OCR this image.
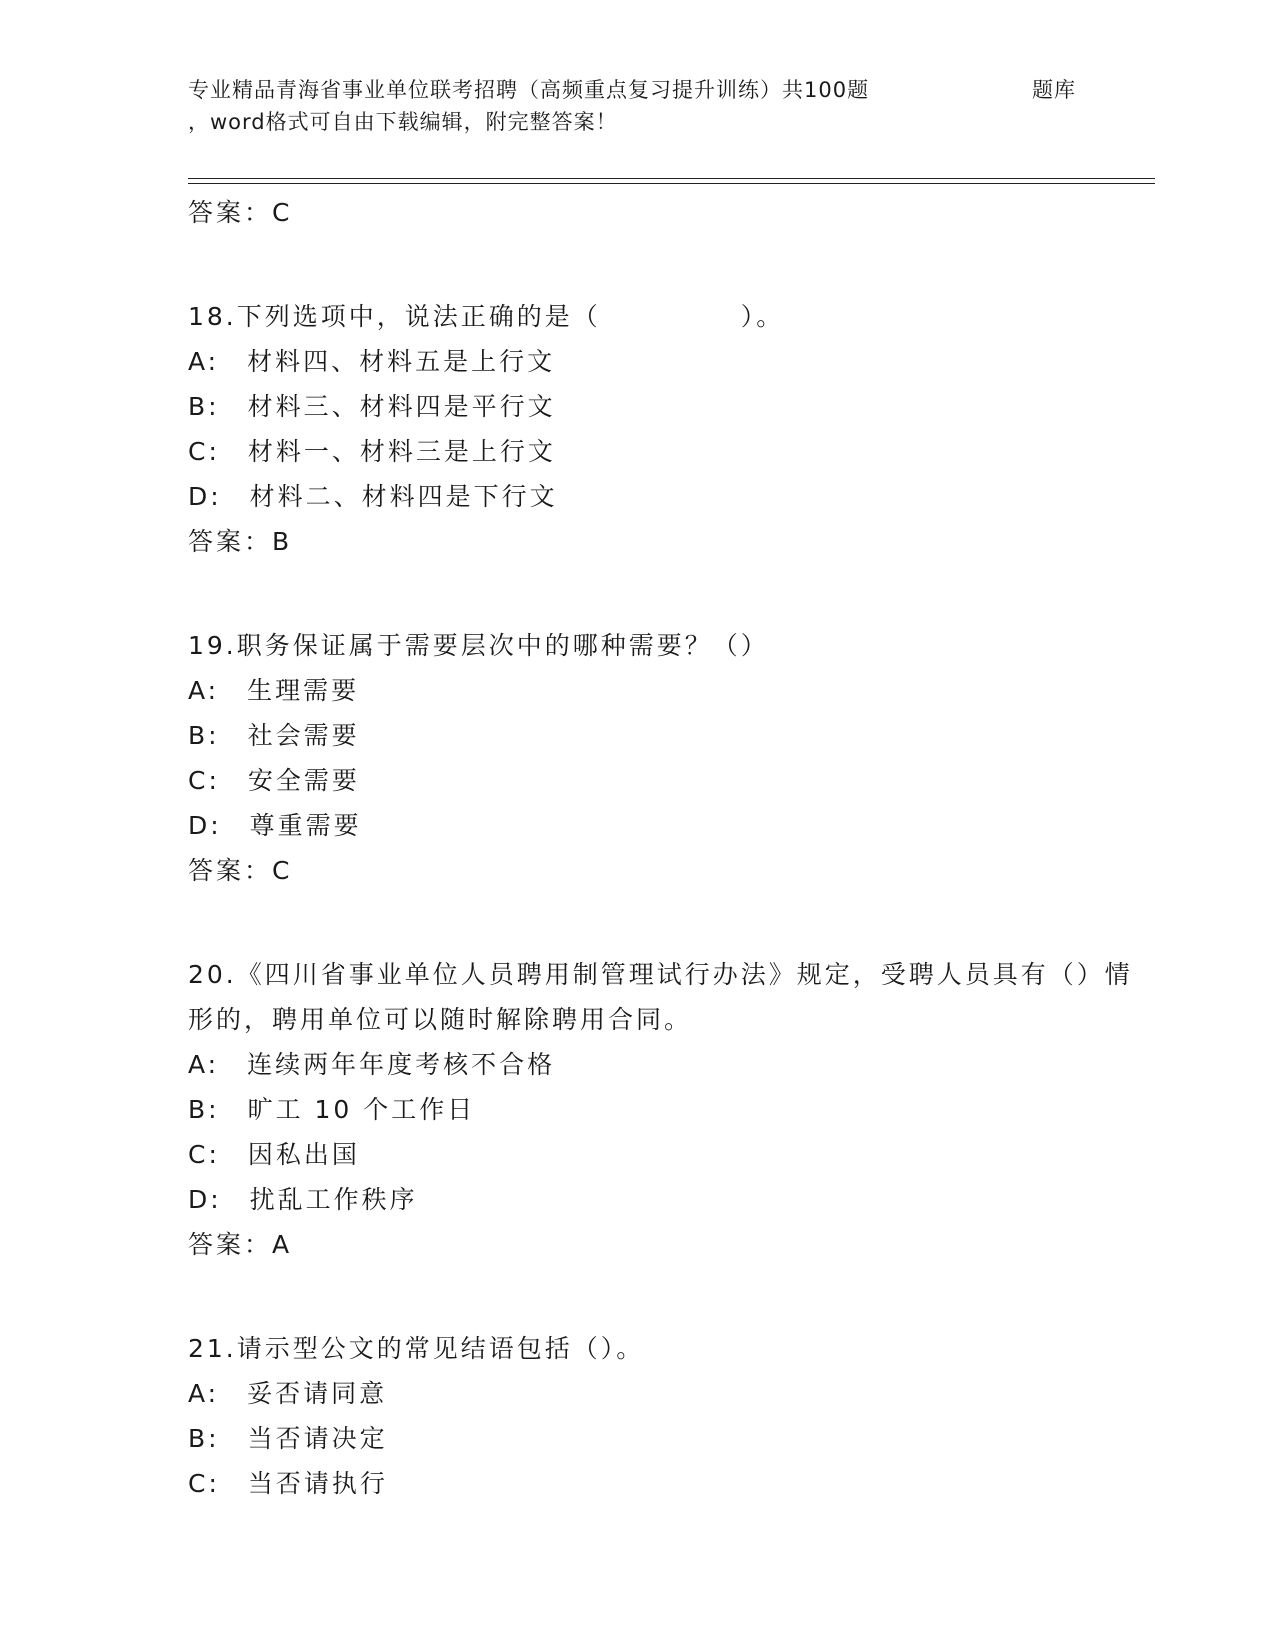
专业精品青海省事业单位联考招聘（高频重点复习提升训练）共100题	题库
，word格式可自由下载编辑，附完整答案！
答案：C
18.下列选项中，说法正确的是（　　　　　）。
A:　材料四、材料五是上行文
B:　材料三、材料四是平行文
C:　材料一、材料三是上行文
D:　材料二、材料四是下行文
答案：B
19.职务保证属于需要层次中的哪种需要？（）
A:　生理需要
B:　社会需要
C:　安全需要
D:　尊重需要
答案：C
20.《四川省事业单位人员聘用制管理试行办法》规定，受聘人员具有（）情形的，聘用单位可以随时解除聘用合同。
A:　连续两年年度考核不合格
B:　旷工 10 个工作日
C:　因私出国
D:　扰乱工作秩序
答案：A
21.请示型公文的常见结语包括（）。
A:　妥否请同意
B:　当否请决定
C:　当否请执行
